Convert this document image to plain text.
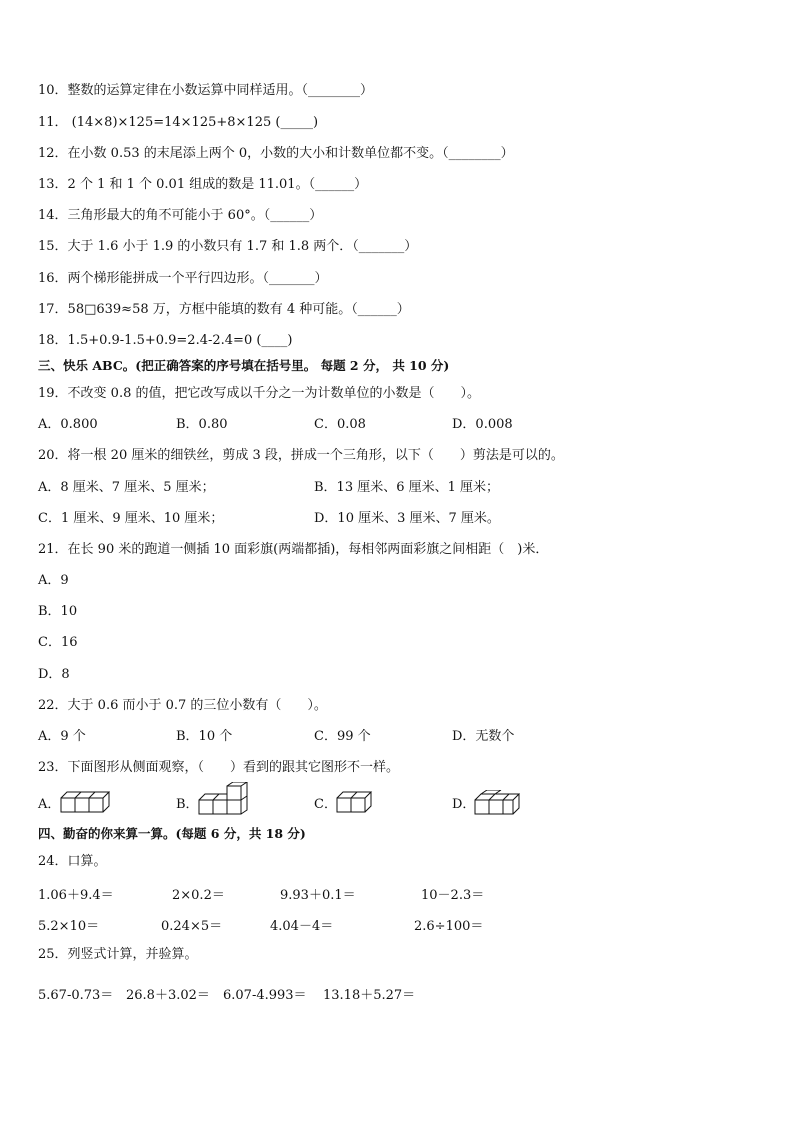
10．整数的运算定律在小数运算中同样适用。（________）
11． (14×8)×125=14×125+8×125 (_____)
12．在小数 0.53 的末尾添上两个 0，小数的大小和计数单位都不变。（________）
13．2 个 1 和 1 个 0.01 组成的数是 11.01。（______）
14．三角形最大的角不可能小于 60°。（______）
15．大于 1.6 小于 1.9 的小数只有 1.7 和 1.8 两个．（_______）
16．两个梯形能拼成一个平行四边形。（_______）
17．58□639≈58 万，方框中能填的数有 4 种可能。（______）
18．1.5+0.9-1.5+0.9=2.4-2.4=0 (____)
三、快乐 ABC。(把正确答案的序号填在括号里。 每题 2 分， 共 10 分)
19．不改变 0.8 的值，把它改写成以千分之一为计数单位的小数是（　　）。
A．0.800	B．0.80	C．0.08	D．0.008
20．将一根 20 厘米的细铁丝，剪成 3 段，拼成一个三角形，以下（　　）剪法是可以的。
A．8 厘米、7 厘米、5 厘米；	B．13 厘米、6 厘米、1 厘米；
C．1 厘米、9 厘米、10 厘米；	D．10 厘米、3 厘米、7 厘米。
21．在长 90 米的跑道一侧插 10 面彩旗(两端都插)，每相邻两面彩旗之间相距（　)米．
A．9
B．10
C．16
D．8
22．大于 0.6 而小于 0.7 的三位小数有（　　）。
A．9 个	B．10 个	C．99 个	D．无数个
23．下面图形从侧面观察，（　　）看到的跟其它图形不一样。
A．	B．	C．	D．
四、勤奋的你来算一算。(每题 6 分，共 18 分)
24．口算。
1.06＋9.4＝	2×0.2＝	9.93＋0.1＝	10－2.3＝
5.2×10＝	0.24×5＝	4.04－4＝	2.6÷100＝
25．列竖式计算，并验算。
5.67-0.73＝ 26.8＋3.02＝ 6.07-4.993＝ 13.18＋5.27＝
